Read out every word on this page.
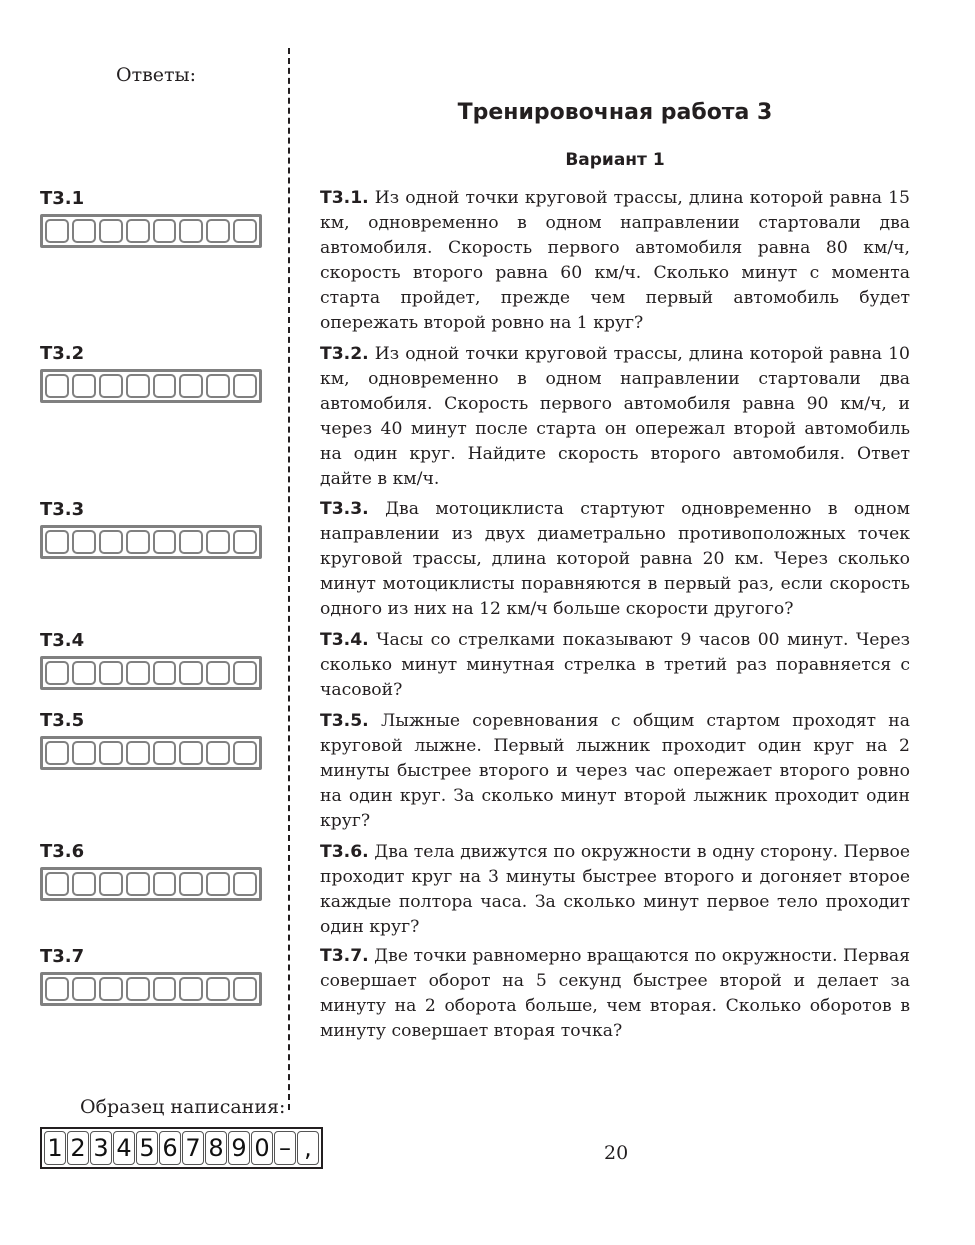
Ответы:
Тренировочная работа 3
Вариант 1
Т3.1
Т3.2
Т3.3
Т3.4
Т3.5
Т3.6
Т3.7

Т3.1. Из одной точки круговой трассы, длина которой равна 15 км, одновременно в одном направлении стартовали два автомобиля. Скорость первого автомобиля равна 80 км/ч, скорость второго равна 60 км/ч. Сколько минут с момента старта пройдет, прежде чем первый автомобиль будет опережать второй ровно на 1 круг?

Т3.2. Из одной точки круговой трассы, длина которой равна 10 км, одновременно в одном направлении стартовали два автомобиля. Скорость первого автомобиля равна 90 км/ч, и через 40 минут после старта он опережал второй автомобиль на один круг. Найдите скорость второго автомобиля. Ответ дайте в км/ч.

Т3.3. Два мотоциклиста стартуют одновременно в одном направлении из двух диаметрально противоположных точек круговой трассы, длина которой равна 20 км. Через сколько минут мотоциклисты поравняются в первый раз, если скорость одного из них на 12 км/ч больше скорости другого?

Т3.4. Часы со стрелками показывают 9 часов 00 минут. Через сколько минут минутная стрелка в третий раз поравняется с часовой?

Т3.5. Лыжные соревнования с общим стартом проходят на круговой лыжне. Первый лыжник проходит один круг на 2 минуты быстрее второго и через час опережает второго ровно на один круг. За сколько минут второй лыжник проходит один круг?

Т3.6. Два тела движутся по окружности в одну сторону. Первое проходит круг на 3 минуты быстрее второго и догоняет второе каждые полтора часа. За сколько минут первое тело проходит один круг?

Т3.7. Две точки равномерно вращаются по окружности. Первая совершает оборот на 5 секунд быстрее второй и делает за минуту на 2 оборота больше, чем вторая. Сколько оборотов в минуту совершает вторая точка?

Образец написания:
1 2 3 4 5 6 7 8 9 0 – ,	20
